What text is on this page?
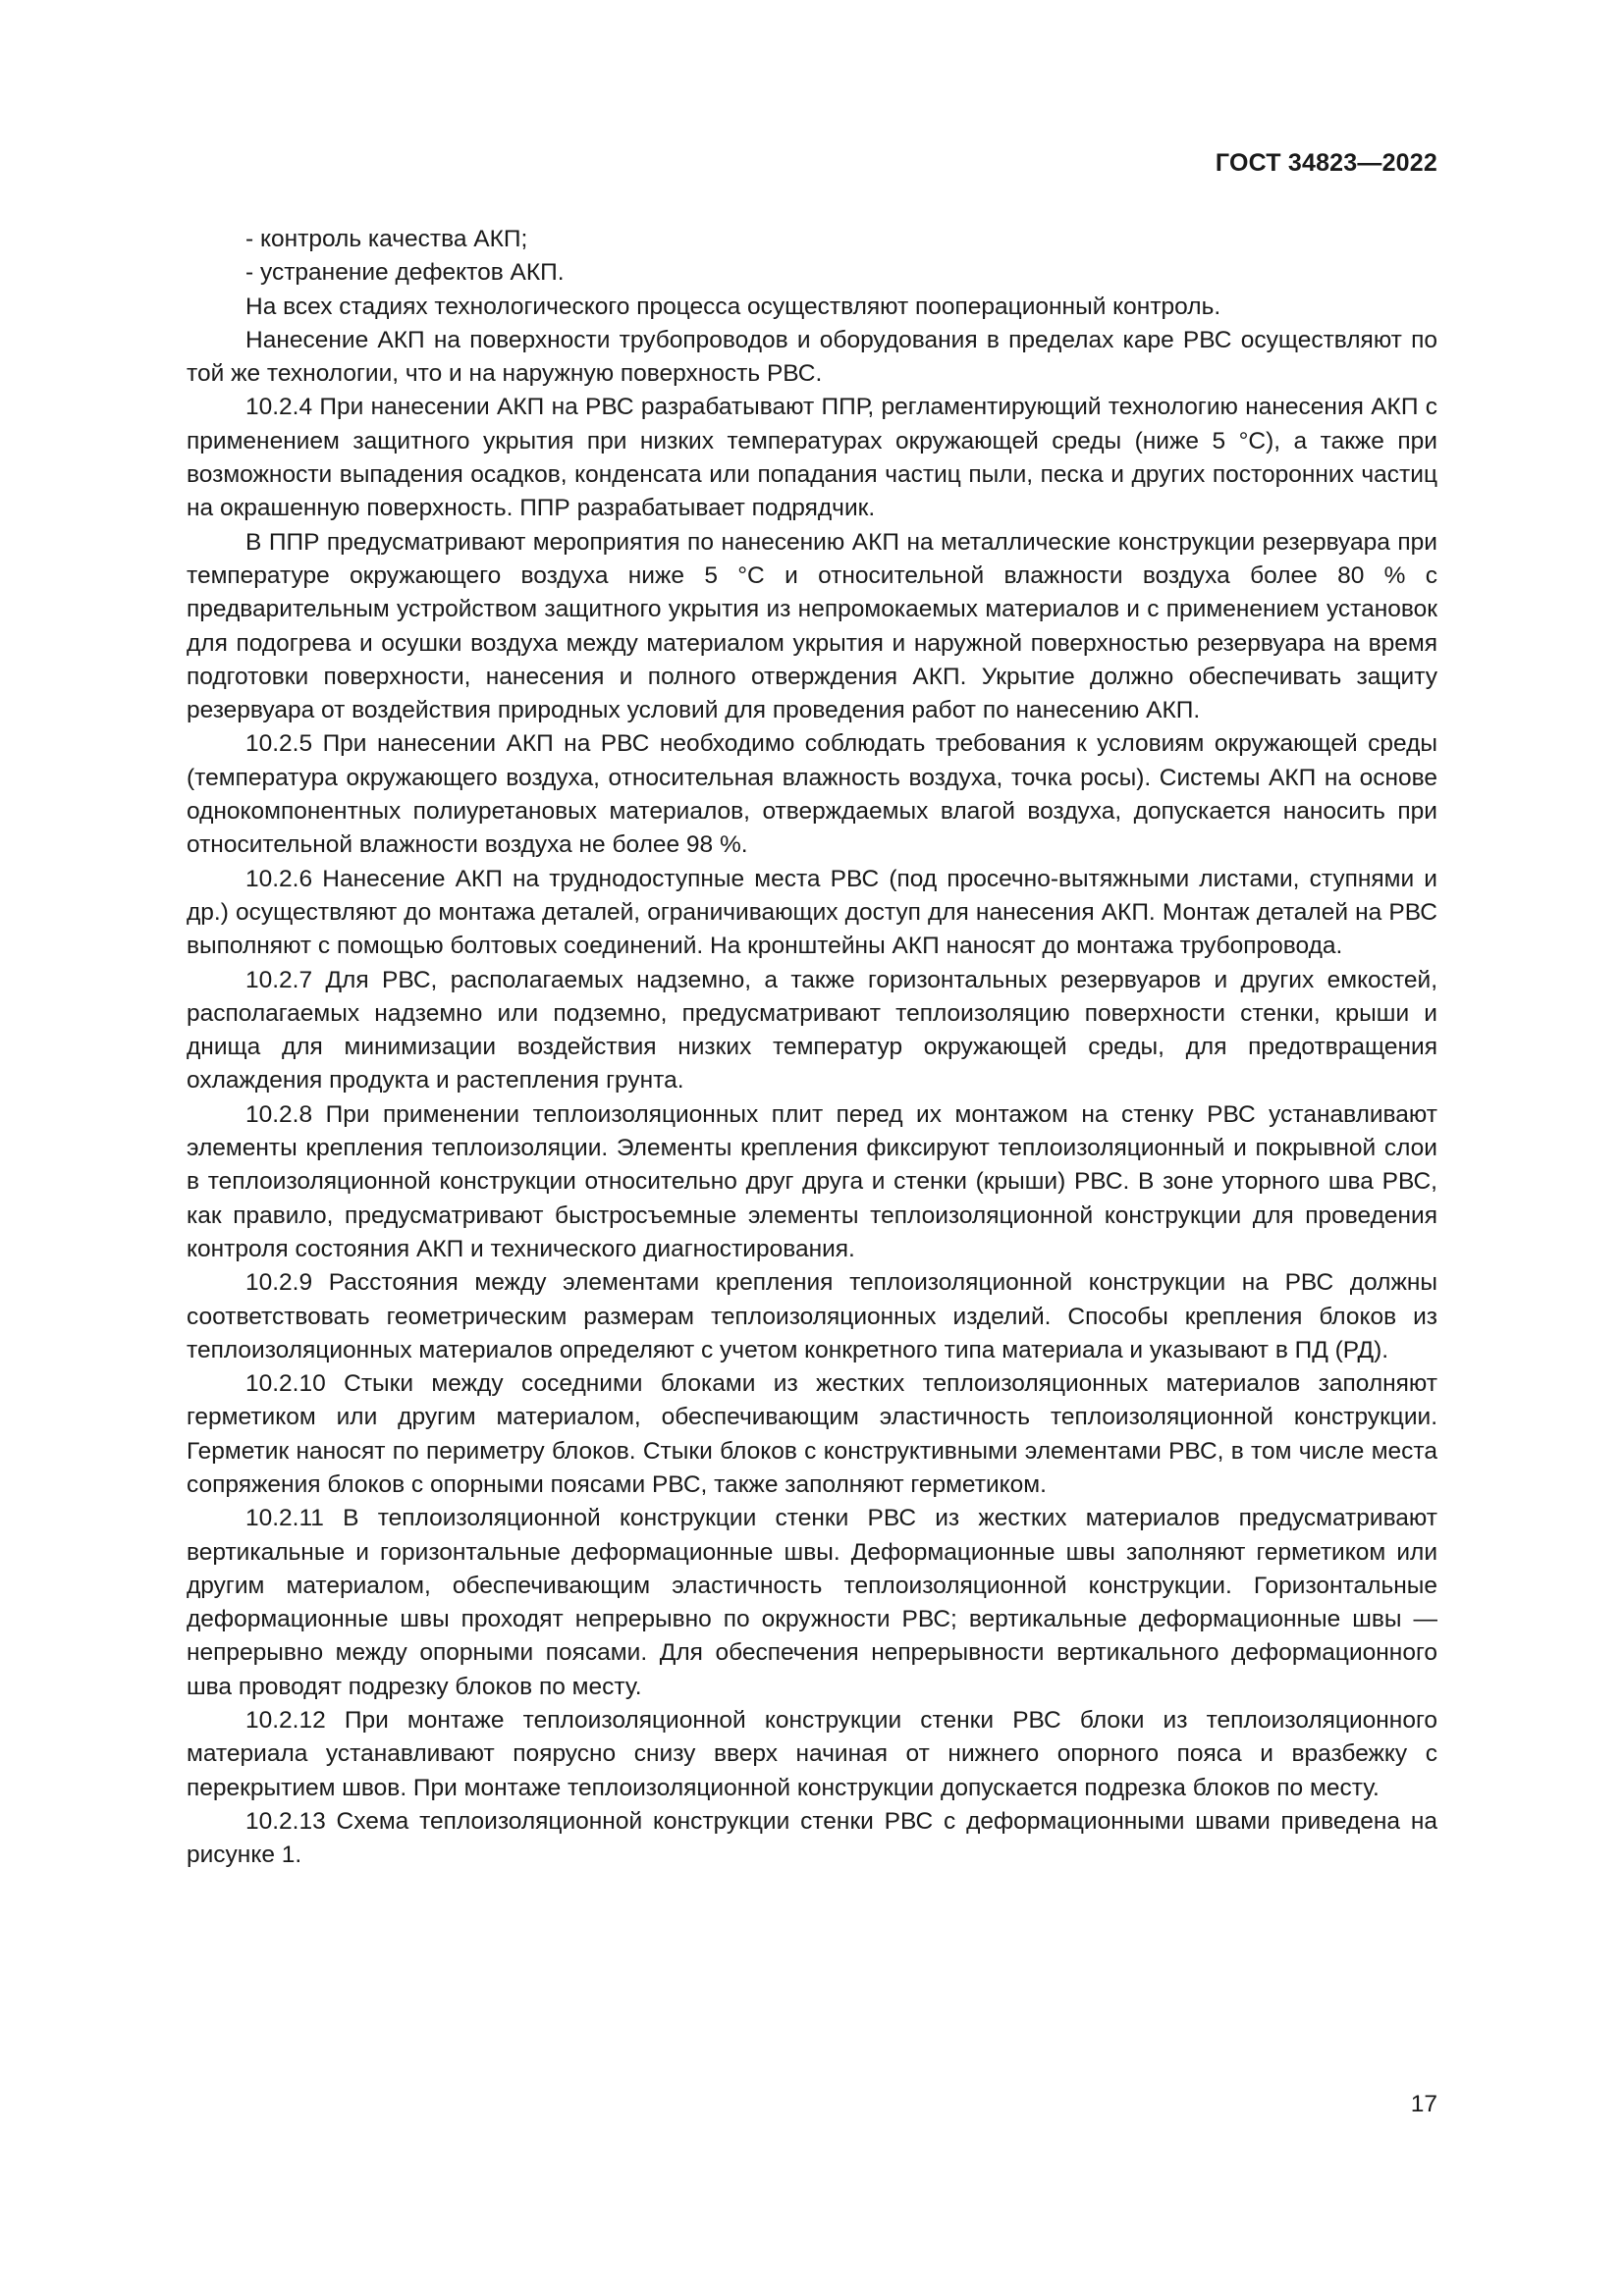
ГОСТ 34823—2022

- контроль качества АКП;

- устранение дефектов АКП.

На всех стадиях технологического процесса осуществляют пооперационный контроль.

Нанесение АКП на поверхности трубопроводов и оборудования в пределах каре РВС осуществляют по той же технологии, что и на наружную поверхность РВС.

10.2.4 При нанесении АКП на РВС разрабатывают ППР, регламентирующий технологию нанесения АКП с применением защитного укрытия при низких температурах окружающей среды (ниже 5 °С), а также при возможности выпадения осадков, конденсата или попадания частиц пыли, песка и других посторонних частиц на окрашенную поверхность. ППР разрабатывает подрядчик.

В ППР предусматривают мероприятия по нанесению АКП на металлические конструкции резервуара при температуре окружающего воздуха ниже 5 °С и относительной влажности воздуха более 80 % с предварительным устройством защитного укрытия из непромокаемых материалов и с применением установок для подогрева и осушки воздуха между материалом укрытия и наружной поверхностью резервуара на время подготовки поверхности, нанесения и полного отверждения АКП. Укрытие должно обеспечивать защиту резервуара от воздействия природных условий для проведения работ по нанесению АКП.

10.2.5 При нанесении АКП на РВС необходимо соблюдать требования к условиям окружающей среды (температура окружающего воздуха, относительная влажность воздуха, точка росы). Системы АКП на основе однокомпонентных полиуретановых материалов, отверждаемых влагой воздуха, допускается наносить при относительной влажности воздуха не более 98 %.

10.2.6 Нанесение АКП на труднодоступные места РВС (под просечно-вытяжными листами, ступнями и др.) осуществляют до монтажа деталей, ограничивающих доступ для нанесения АКП. Монтаж деталей на РВС выполняют с помощью болтовых соединений. На кронштейны АКП наносят до монтажа трубопровода.

10.2.7 Для РВС, располагаемых надземно, а также горизонтальных резервуаров и других емкостей, располагаемых надземно или подземно, предусматривают теплоизоляцию поверхности стенки, крыши и днища для минимизации воздействия низких температур окружающей среды, для предотвращения охлаждения продукта и растепления грунта.

10.2.8 При применении теплоизоляционных плит перед их монтажом на стенку РВС устанавливают элементы крепления теплоизоляции. Элементы крепления фиксируют теплоизоляционный и покрывной слои в теплоизоляционной конструкции относительно друг друга и стенки (крыши) РВС. В зоне уторного шва РВС, как правило, предусматривают быстросъемные элементы теплоизоляционной конструкции для проведения контроля состояния АКП и технического диагностирования.

10.2.9 Расстояния между элементами крепления теплоизоляционной конструкции на РВС должны соответствовать геометрическим размерам теплоизоляционных изделий. Способы крепления блоков из теплоизоляционных материалов определяют с учетом конкретного типа материала и указывают в ПД (РД).

10.2.10 Стыки между соседними блоками из жестких теплоизоляционных материалов заполняют герметиком или другим материалом, обеспечивающим эластичность теплоизоляционной конструкции. Герметик наносят по периметру блоков. Стыки блоков с конструктивными элементами РВС, в том числе места сопряжения блоков с опорными поясами РВС, также заполняют герметиком.

10.2.11 В теплоизоляционной конструкции стенки РВС из жестких материалов предусматривают вертикальные и горизонтальные деформационные швы. Деформационные швы заполняют герметиком или другим материалом, обеспечивающим эластичность теплоизоляционной конструкции. Горизонтальные деформационные швы проходят непрерывно по окружности РВС; вертикальные деформационные швы — непрерывно между опорными поясами. Для обеспечения непрерывности вертикального деформационного шва проводят подрезку блоков по месту.

10.2.12 При монтаже теплоизоляционной конструкции стенки РВС блоки из теплоизоляционного материала устанавливают поярусно снизу вверх начиная от нижнего опорного пояса и вразбежку с перекрытием швов. При монтаже теплоизоляционной конструкции допускается подрезка блоков по месту.

10.2.13 Схема теплоизоляционной конструкции стенки РВС с деформационными швами приведена на рисунке 1.

17
